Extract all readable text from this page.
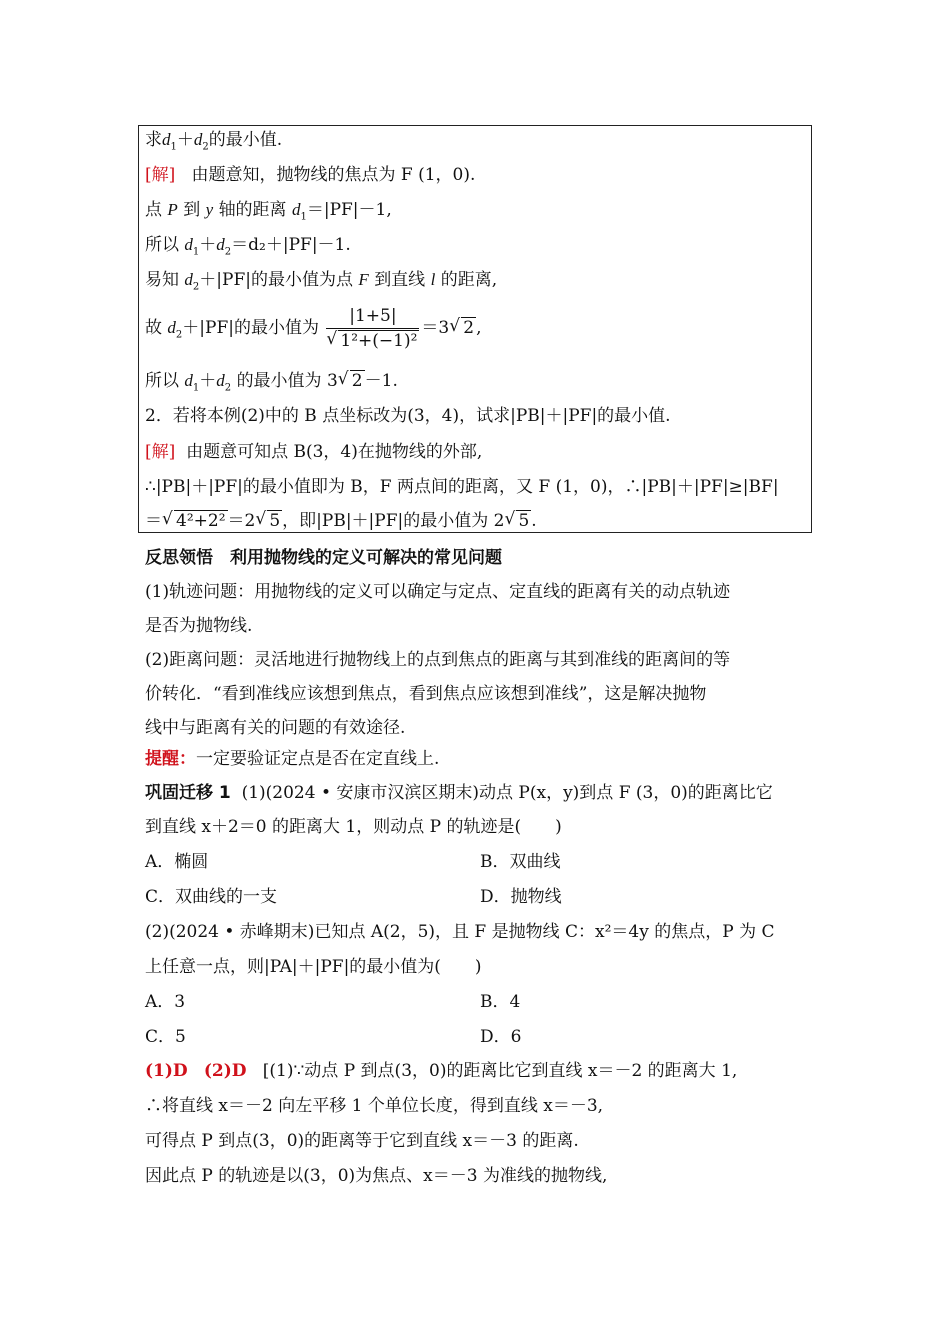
求$d_1+d_2$的最小值.
[解] 由题意知，抛物线的焦点为 F (1，0).
点 P 到 y 轴的距离 $d_1=|PF|-1$,
所以 $d_1+d_2=d_2+|PF|-1$.
易知 $d_2+|PF|$的最小值为点 F 到直线 l 的距离,
故 $d_2+|PF|$的最小值为 |1+5|
√ 1²+(−1)² ＝3 √ 2 ,
所以 $d_1+d_2$ 的最小值为 3 √ 2 －1.
2．若将本例(2)中的 B 点坐标改为(3，4)，试求|PB|＋|PF|的最小值.
[解] 由题意可知点 B(3，4)在抛物线的外部,
∴|PB|＋|PF|的最小值即为 B，F 两点间的距离，又 F (1，0)，∴|PB|＋|PF|≥|BF|
＝ √ 4²+2² ＝2 √ 5 ，即|PB|＋|PF|的最小值为 2 √ 5 .
反思领悟　利用抛物线的定义可解决的常见问题
(1)轨迹问题：用抛物线的定义可以确定与定点、定直线的距离有关的动点轨迹
是否为抛物线.
(2)距离问题：灵活地进行抛物线上的点到焦点的距离与其到准线的距离间的等
价转化．“看到准线应该想到焦点，看到焦点应该想到准线”，这是解决抛物
线中与距离有关的问题的有效途径.
提醒：一定要验证定点是否在定直线上.
巩固迁移 1 (1)(2024 • 安康市汉滨区期末)动点 P(x，y)到点 F (3，0)的距离比它
到直线 x＋2＝0 的距离大 1，则动点 P 的轨迹是(　　)
A．椭圆	B．双曲线
C．双曲线的一支	D．抛物线
(2)(2024 • 赤峰期末)已知点 A(2，5)，且 F 是抛物线 C：x²＝4y 的焦点，P 为 C
上任意一点，则|PA|＋|PF|的最小值为(　　)
A．3	B．4
C．5	D．6
(1)D (2)D [(1)∵动点 P 到点(3，0)的距离比它到直线 x＝－2 的距离大 1,
∴将直线 x＝－2 向左平移 1 个单位长度，得到直线 x＝－3,
可得点 P 到点(3，0)的距离等于它到直线 x＝－3 的距离.
因此点 P 的轨迹是以(3，0)为焦点、x＝－3 为准线的抛物线,
